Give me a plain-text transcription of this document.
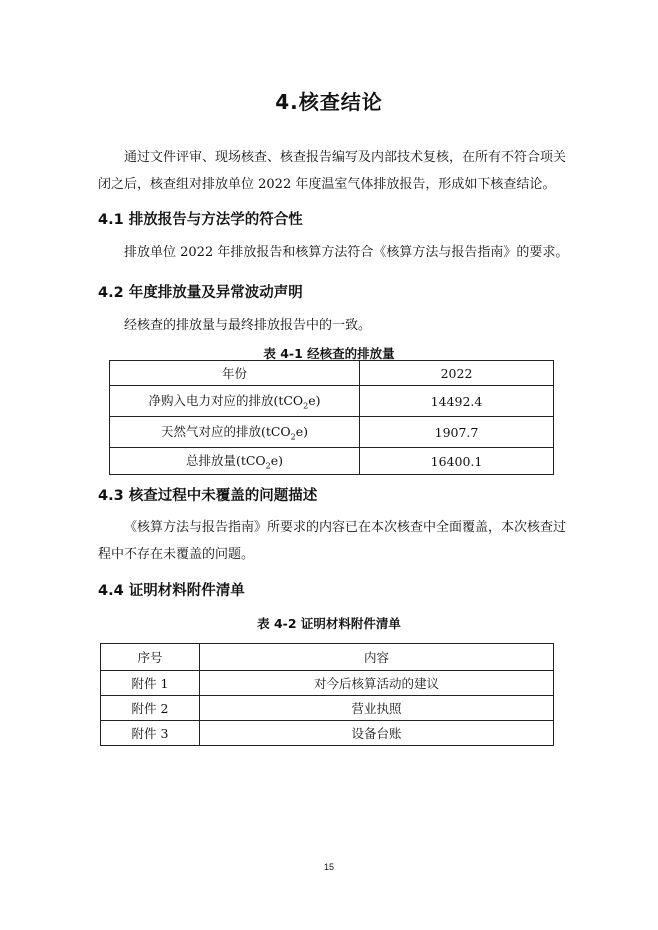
4.核查结论
通过文件评审、现场核查、核查报告编写及内部技术复核，在所有不符合项关闭之后，核查组对排放单位 2022 年度温室气体排放报告，形成如下核查结论。
4.1 排放报告与方法学的符合性
排放单位 2022 年排放报告和核算方法符合《核算方法与报告指南》的要求。
4.2 年度排放量及异常波动声明
经核查的排放量与最终排放报告中的一致。
表 4-1 经核查的排放量
年份	2022
净购入电力对应的排放(tCO$_2$e)	14492.4
天然气对应的排放(tCO$_2$e)	1907.7
总排放量(tCO$_2$e)	16400.1
4.3 核查过程中未覆盖的问题描述
《核算方法与报告指南》所要求的内容已在本次核查中全面覆盖，本次核查过程中不存在未覆盖的问题。
4.4 证明材料附件清单
表 4-2 证明材料附件清单
序号	内容
附件 1	对今后核算活动的建议
附件 2	营业执照
附件 3	设备台账
15
